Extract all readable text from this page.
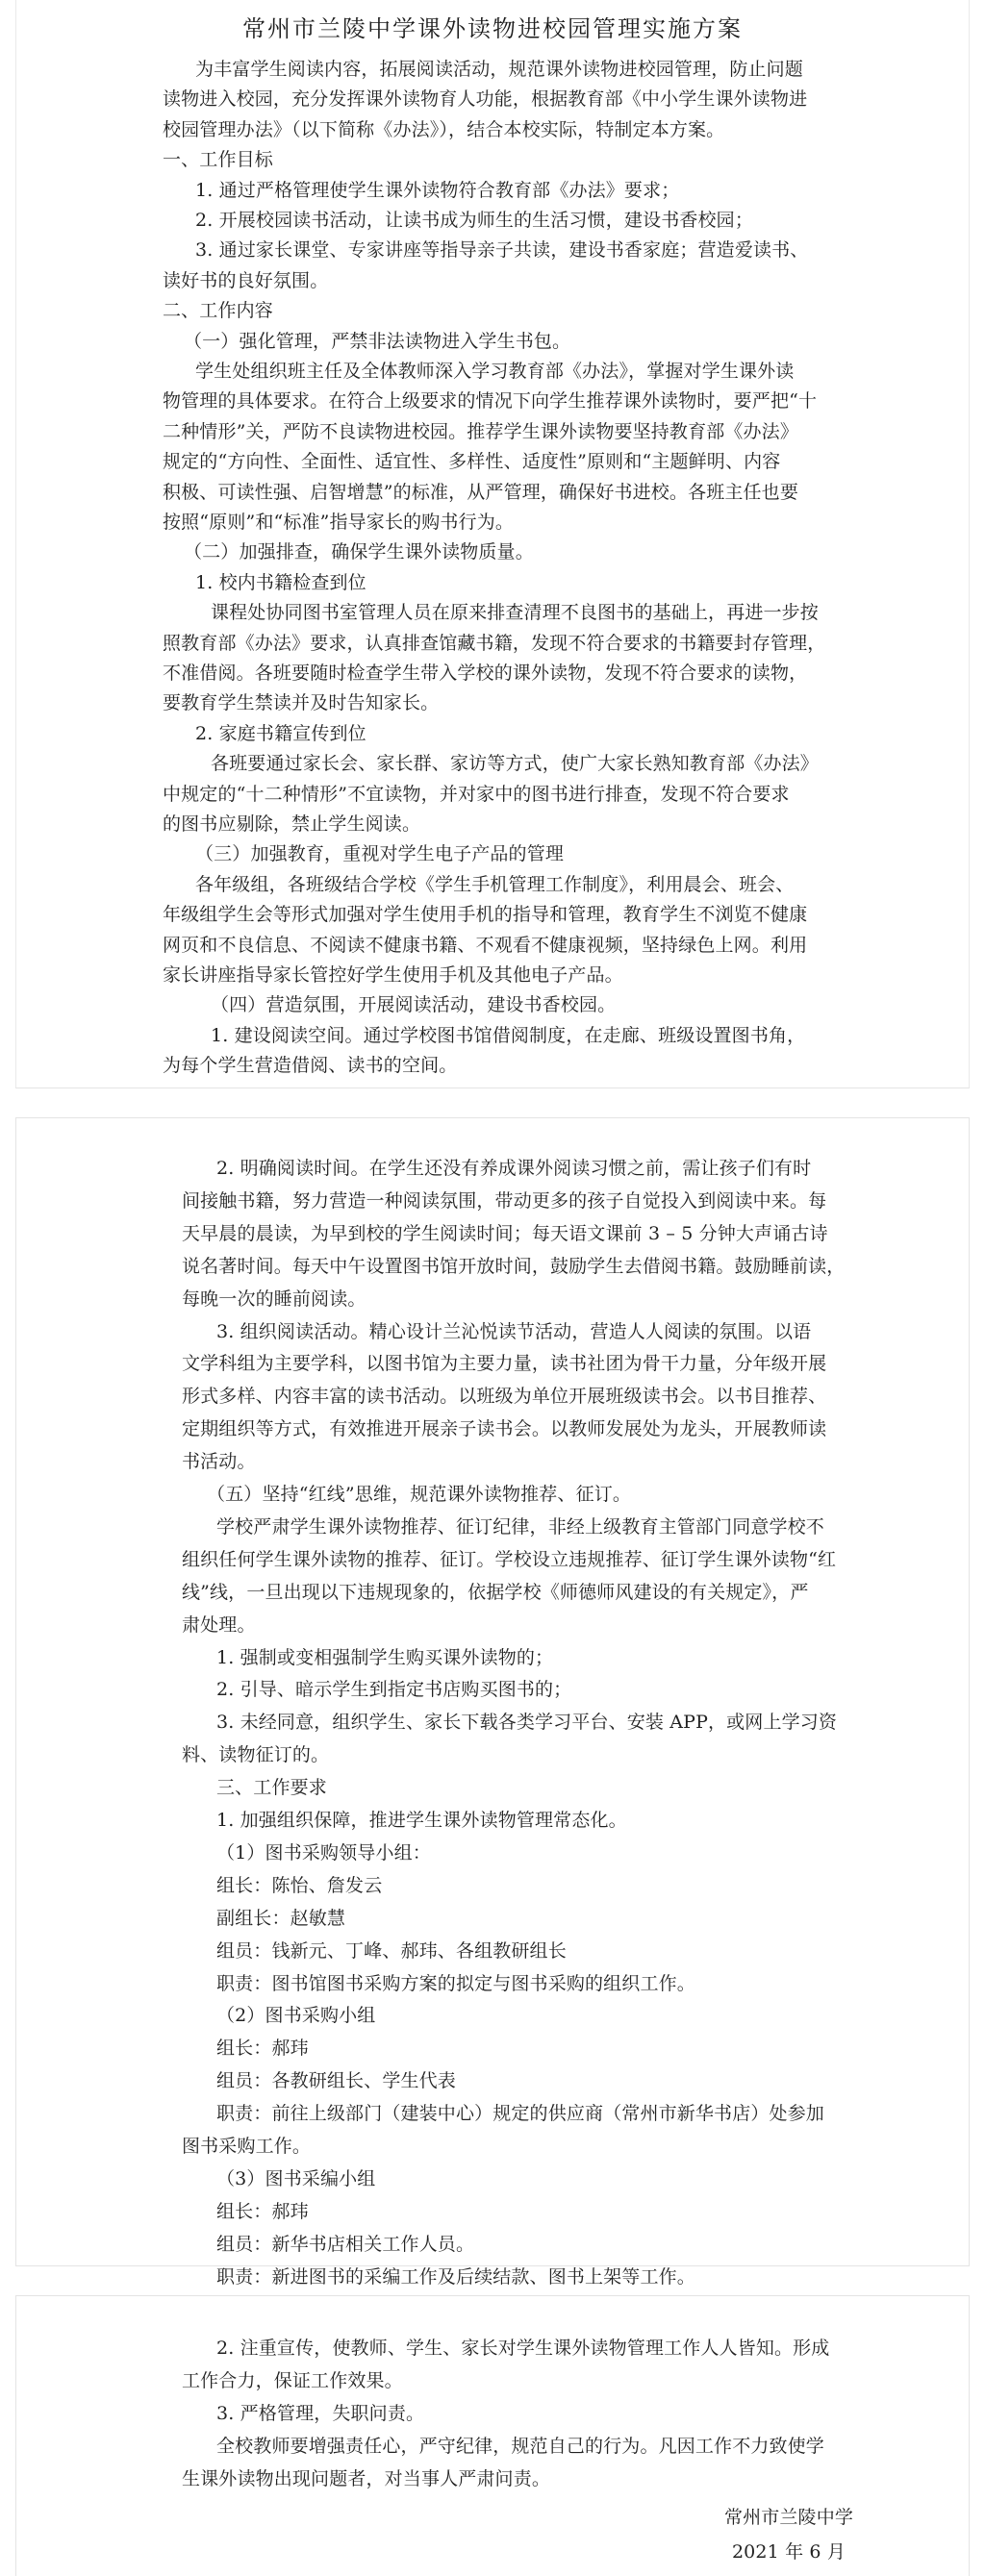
常州市兰陵中学课外读物进校园管理实施方案

为丰富学生阅读内容，拓展阅读活动，规范课外读物进校园管理，防止问题

读物进入校园，充分发挥课外读物育人功能，根据教育部《中小学生课外读物进

校园管理办法》（以下简称《办法》），结合本校实际，特制定本方案。

一、工作目标

1. 通过严格管理使学生课外读物符合教育部《办法》要求；

2. 开展校园读书活动，让读书成为师生的生活习惯，建设书香校园；

3. 通过家长课堂、专家讲座等指导亲子共读，建设书香家庭；营造爱读书、

读好书的良好氛围。

二、工作内容

（一）强化管理，严禁非法读物进入学生书包。

学生处组织班主任及全体教师深入学习教育部《办法》，掌握对学生课外读

物管理的具体要求。在符合上级要求的情况下向学生推荐课外读物时，要严把“十

二种情形”关，严防不良读物进校园。推荐学生课外读物要坚持教育部《办法》

规定的“方向性、全面性、适宜性、多样性、适度性”原则和“主题鲜明、内容

积极、可读性强、启智增慧”的标准，从严管理，确保好书进校。各班主任也要

按照“原则”和“标准”指导家长的购书行为。

（二）加强排查，确保学生课外读物质量。

1. 校内书籍检查到位

课程处协同图书室管理人员在原来排查清理不良图书的基础上，再进一步按

照教育部《办法》要求，认真排查馆藏书籍，发现不符合要求的书籍要封存管理，

不准借阅。各班要随时检查学生带入学校的课外读物，发现不符合要求的读物，

要教育学生禁读并及时告知家长。

2. 家庭书籍宣传到位

各班要通过家长会、家长群、家访等方式，使广大家长熟知教育部《办法》

中规定的“十二种情形”不宜读物，并对家中的图书进行排查，发现不符合要求

的图书应剔除，禁止学生阅读。

（三）加强教育，重视对学生电子产品的管理

各年级组，各班级结合学校《学生手机管理工作制度》，利用晨会、班会、

年级组学生会等形式加强对学生使用手机的指导和管理，教育学生不浏览不健康

网页和不良信息、不阅读不健康书籍、不观看不健康视频，坚持绿色上网。利用

家长讲座指导家长管控好学生使用手机及其他电子产品。

（四）营造氛围，开展阅读活动，建设书香校园。

1. 建设阅读空间。通过学校图书馆借阅制度，在走廊、班级设置图书角，

为每个学生营造借阅、读书的空间。

2. 明确阅读时间。在学生还没有养成课外阅读习惯之前，需让孩子们有时

间接触书籍，努力营造一种阅读氛围，带动更多的孩子自觉投入到阅读中来。每

天早晨的晨读，为早到校的学生阅读时间；每天语文课前 3 – 5 分钟大声诵古诗

说名著时间。每天中午设置图书馆开放时间，鼓励学生去借阅书籍。鼓励睡前读，

每晚一次的睡前阅读。

3. 组织阅读活动。精心设计兰沁悦读节活动，营造人人阅读的氛围。以语

文学科组为主要学科，以图书馆为主要力量，读书社团为骨干力量，分年级开展

形式多样、内容丰富的读书活动。以班级为单位开展班级读书会。以书目推荐、

定期组织等方式，有效推进开展亲子读书会。以教师发展处为龙头，开展教师读

书活动。

（五）坚持“红线”思维，规范课外读物推荐、征订。

学校严肃学生课外读物推荐、征订纪律，非经上级教育主管部门同意学校不

组织任何学生课外读物的推荐、征订。学校设立违规推荐、征订学生课外读物“红

线”线，一旦出现以下违规现象的，依据学校《师德师风建设的有关规定》，严

肃处理。

1. 强制或变相强制学生购买课外读物的；

2. 引导、暗示学生到指定书店购买图书的；

3. 未经同意，组织学生、家长下载各类学习平台、安装 APP，或网上学习资

料、读物征订的。

三、工作要求

1. 加强组织保障，推进学生课外读物管理常态化。

（1）图书采购领导小组：

组长：陈怡、詹发云

副组长：赵敏慧

组员：钱新元、丁峰、郝玮、各组教研组长

职责：图书馆图书采购方案的拟定与图书采购的组织工作。

（2）图书采购小组

组长：郝玮

组员：各教研组长、学生代表

职责：前往上级部门（建装中心）规定的供应商（常州市新华书店）处参加

图书采购工作。

（3）图书采编小组

组长：郝玮

组员：新华书店相关工作人员。

职责：新进图书的采编工作及后续结款、图书上架等工作。

2. 注重宣传，使教师、学生、家长对学生课外读物管理工作人人皆知。形成

工作合力，保证工作效果。

3. 严格管理，失职问责。

全校教师要增强责任心，严守纪律，规范自己的行为。凡因工作不力致使学

生课外读物出现问题者，对当事人严肃问责。

常州市兰陵中学

2021 年 6 月
